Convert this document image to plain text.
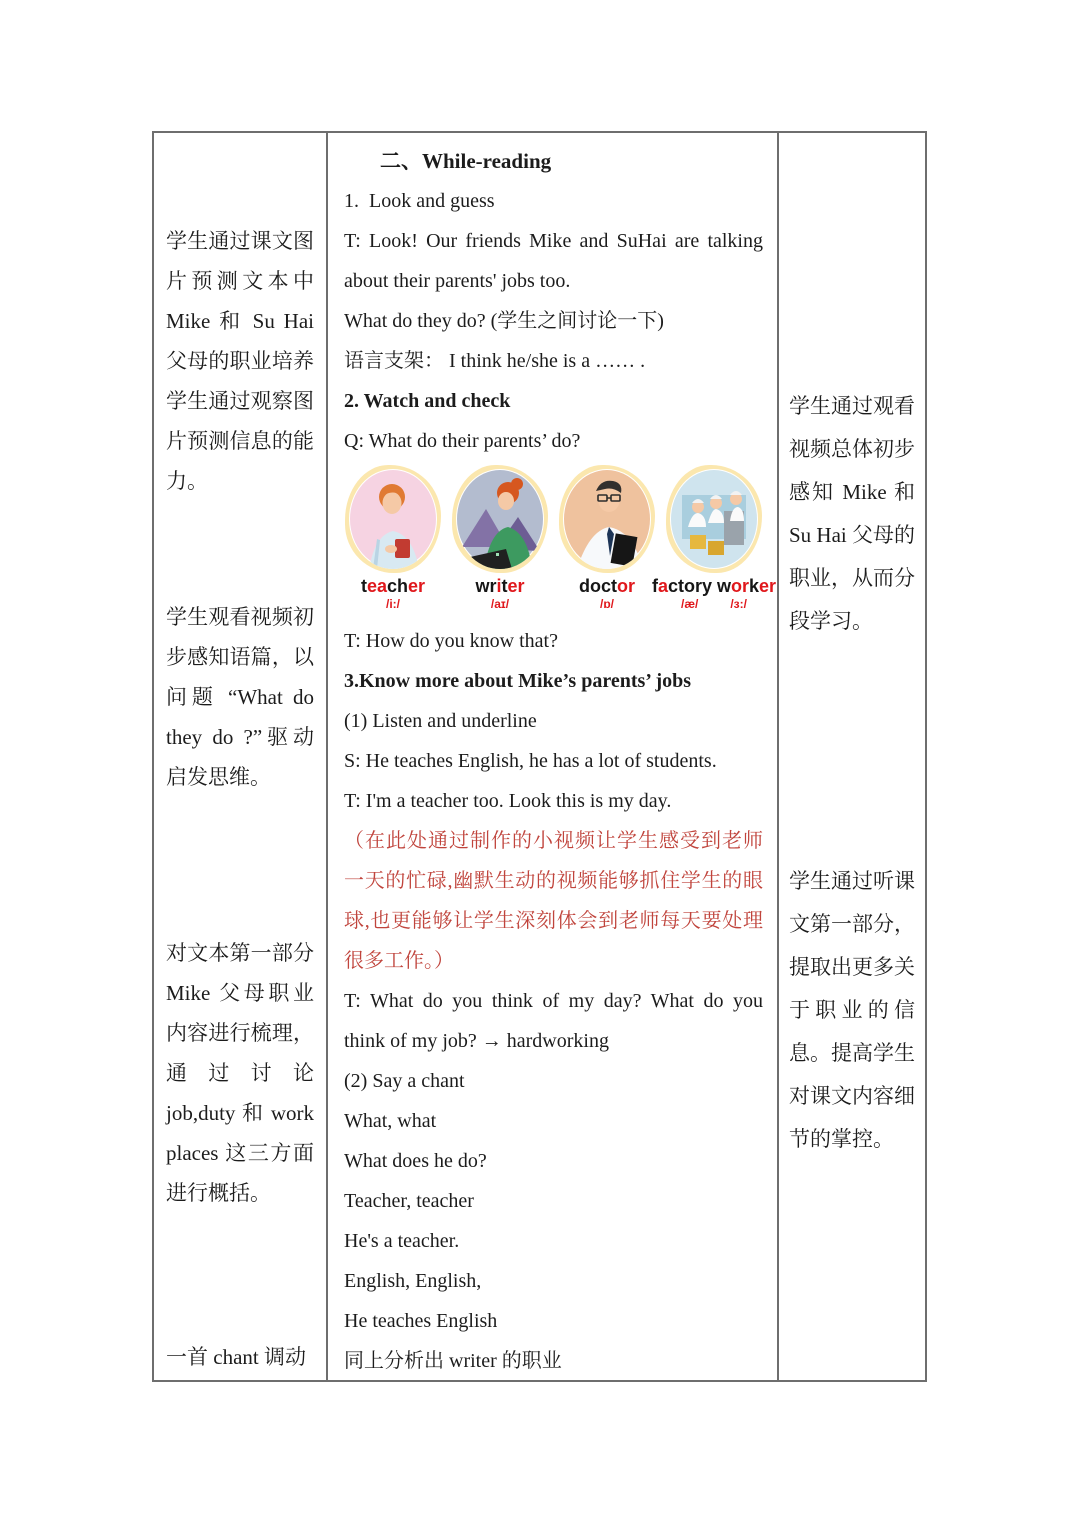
学生通过课文图片预测文本中 Mike 和 Su Hai 父母的职业培养学生通过观察图片预测信息的能力。
学生观看视频初步感知语篇，以问题 “What do they do ?”驱动启发思维。
对文本第一部分 Mike 父母职业内容进行梳理，通过讨论 job,duty 和 work places 这三方面进行概括。
一首 chant 调动
二、While-reading
1.  Look and guess
T: Look! Our friends Mike and SuHai are talking about their parents' jobs too.
What do they do? (学生之间讨论一下)
语言支架： I think he/she is a …… .
2. Watch and check
Q: What do their parents’ do?
teacher
/i:/
writer
/aɪ/
doctor
/ɒ/
factory worker
/æ/	/ɜ:/
T: How do you know that?
3.Know more about Mike’s parents’ jobs
(1) Listen and underline
S: He teaches English, he has a lot of students.
T: I'm a teacher too. Look this is my day.
（在此处通过制作的小视频让学生感受到老师一天的忙碌,幽默生动的视频能够抓住学生的眼球,也更能够让学生深刻体会到老师每天要处理很多工作。）
T: What do you think of my day? What do you think of my job? → hardworking
(2) Say a chant
What, what
What does he do?
Teacher, teacher
He's a teacher.
English, English,
He teaches English
同上分析出 writer 的职业
学生通过观看视频总体初步感知 Mike 和 Su Hai 父母的职业，从而分段学习。
学生通过听课文第一部分，提取出更多关于职业的信息。提高学生对课文内容细节的掌控。
